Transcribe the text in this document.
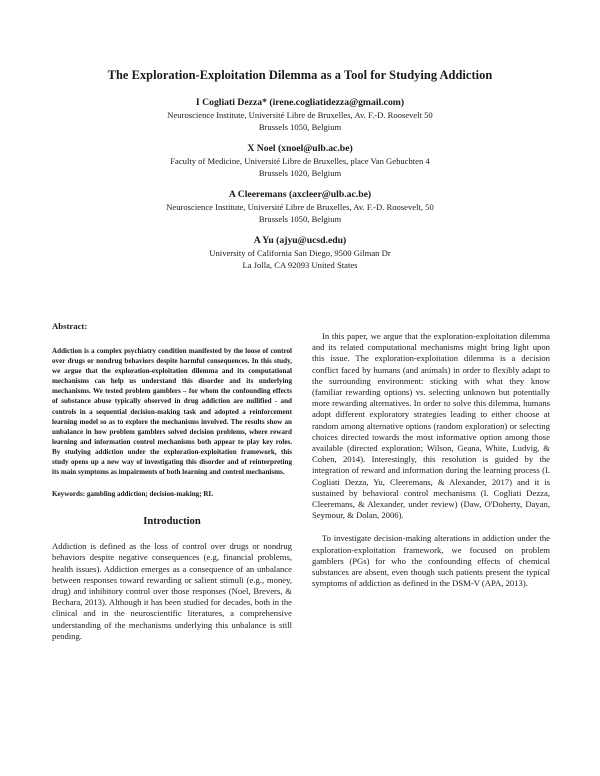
The Exploration-Exploitation Dilemma as a Tool for Studying Addiction
I Cogliati Dezza* (irene.cogliatidezza@gmail.com)
Neuroscience Institute, Université Libre de Bruxelles, Av. F.-D. Roosevelt 50
Brussels 1050, Belgium
X Noel (xnoel@ulb.ac.be)
Faculty of Medicine, Université Libre de Bruxelles, place Van Gehuchten 4
Brussels 1020, Belgium
A Cleeremans (axcleer@ulb.ac.be)
Neuroscience Institute, Université Libre de Bruxelles, Av. F.-D. Roosevelt, 50
Brussels 1050, Belgium
A Yu (ajyu@ucsd.edu)
University of California San Diego, 9500 Gilman Dr
La Jolla, CA 92093 United States
Abstract:
Addiction is a complex psychiatry condition manifested by the loose of control over drugs or nondrug behaviors despite harmful consequences. In this study, we argue that the exploration-exploitation dilemma and its computational mechanisms can help us understand this disorder and its underlying mechanisms. We tested problem gamblers – for whom the confounding effects of substance abuse typically observed in drug addiction are nullified - and controls in a sequential decision-making task and adopted a reinforcement learning model so as to explore the mechanisms involved. The results show an unbalance in how problem gamblers solved decision problems, where reward learning and information control mechanisms both appear to play key roles. By studying addiction under the exploration-exploitation framework, this study opens up a new way of investigating this disorder and of reinterpreting its main symptoms as impairments of both learning and control mechanisms.
Keywords: gambling addiction; decision-making; RL
Introduction
Addiction is defined as the loss of control over drugs or nondrug behaviors despite negative consequences (e.g, financial problems, health issues). Addiction emerges as a consequence of an unbalance between responses toward rewarding or salient stimuli (e.g., money, drug) and inhibitory control over those responses (Noel, Brevers, & Bechara, 2013). Although it has been studied for decades, both in the clinical and in the neuroscientific literatures, a comprehensive understanding of the mechanisms underlying this unbalance is still pending.
In this paper, we argue that the exploration-exploitation dilemma and its related computational mechanisms might bring light upon this issue. The exploration-exploitation dilemma is a decision conflict faced by humans (and animals) in order to flexibly adapt to the surrounding environment: sticking with what they know (familiar rewarding options) vs. selecting unknown but potentially more rewarding alternatives. In order to solve this dilemma, humans adopt different exploratory strategies leading to either choose at random among alternative options (random exploration) or selecting choices directed towards the most informative option among those available (directed exploration; Wilson, Geana, White, Ludvig, & Cohen, 2014). Interestingly, this resolution is guided by the integration of reward and information during the learning process (I. Cogliati Dezza, Yu, Cleeremans, & Alexander, 2017) and it is sustained by behavioral control mechanisms (I. Cogliati Dezza, Cleeremans, & Alexander, under review) (Daw, O'Doherty, Dayan, Seymour, & Dolan, 2006).
To investigate decision-making alterations in addiction under the exploration-exploitation framework, we focused on problem gamblers (PGs) for who the confounding effects of chemical substances are absent, even though such patients present the typical symptoms of addiction as defined in the DSM-V (APA, 2013).
